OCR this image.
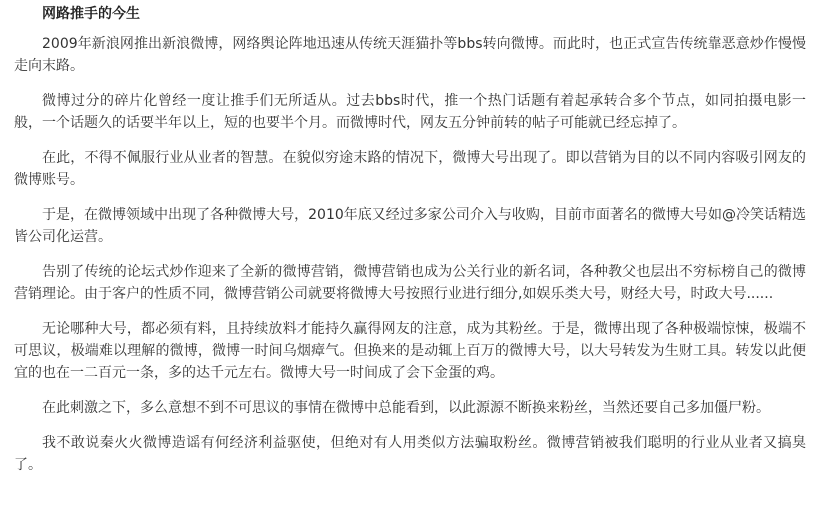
网路推手的今生

2009年新浪网推出新浪微博，网络舆论阵地迅速从传统天涯猫扑等bbs转向微博。而此时，也正式宣告传统靠恶意炒作慢慢走向末路。

微博过分的碎片化曾经一度让推手们无所适从。过去bbs时代，推一个热门话题有着起承转合多个节点，如同拍摄电影一般，一个话题久的话要半年以上，短的也要半个月。而微博时代，网友五分钟前转的帖子可能就已经忘掉了。

在此，不得不佩服行业从业者的智慧。在貌似穷途末路的情况下，微博大号出现了。即以营销为目的以不同内容吸引网友的微博账号。

于是，在微博领域中出现了各种微博大号，2010年底又经过多家公司介入与收购，目前市面著名的微博大号如@冷笑话精选皆公司化运营。

告别了传统的论坛式炒作迎来了全新的微博营销，微博营销也成为公关行业的新名词，各种教父也层出不穷标榜自己的微博营销理论。由于客户的性质不同，微博营销公司就要将微博大号按照行业进行细分,如娱乐类大号，财经大号，时政大号......

无论哪种大号，都必须有料，且持续放料才能持久赢得网友的注意，成为其粉丝。于是，微博出现了各种极端惊悚，极端不可思议，极端难以理解的微博，微博一时间乌烟瘴气。但换来的是动辄上百万的微博大号，以大号转发为生财工具。转发以此便宜的也在一二百元一条，多的达千元左右。微博大号一时间成了会下金蛋的鸡。

在此刺激之下，多么意想不到不可思议的事情在微博中总能看到，以此源源不断换来粉丝，当然还要自己多加僵尸粉。

我不敢说秦火火微博造谣有何经济利益驱使，但绝对有人用类似方法骗取粉丝。微博营销被我们聪明的行业从业者又搞臭了。
